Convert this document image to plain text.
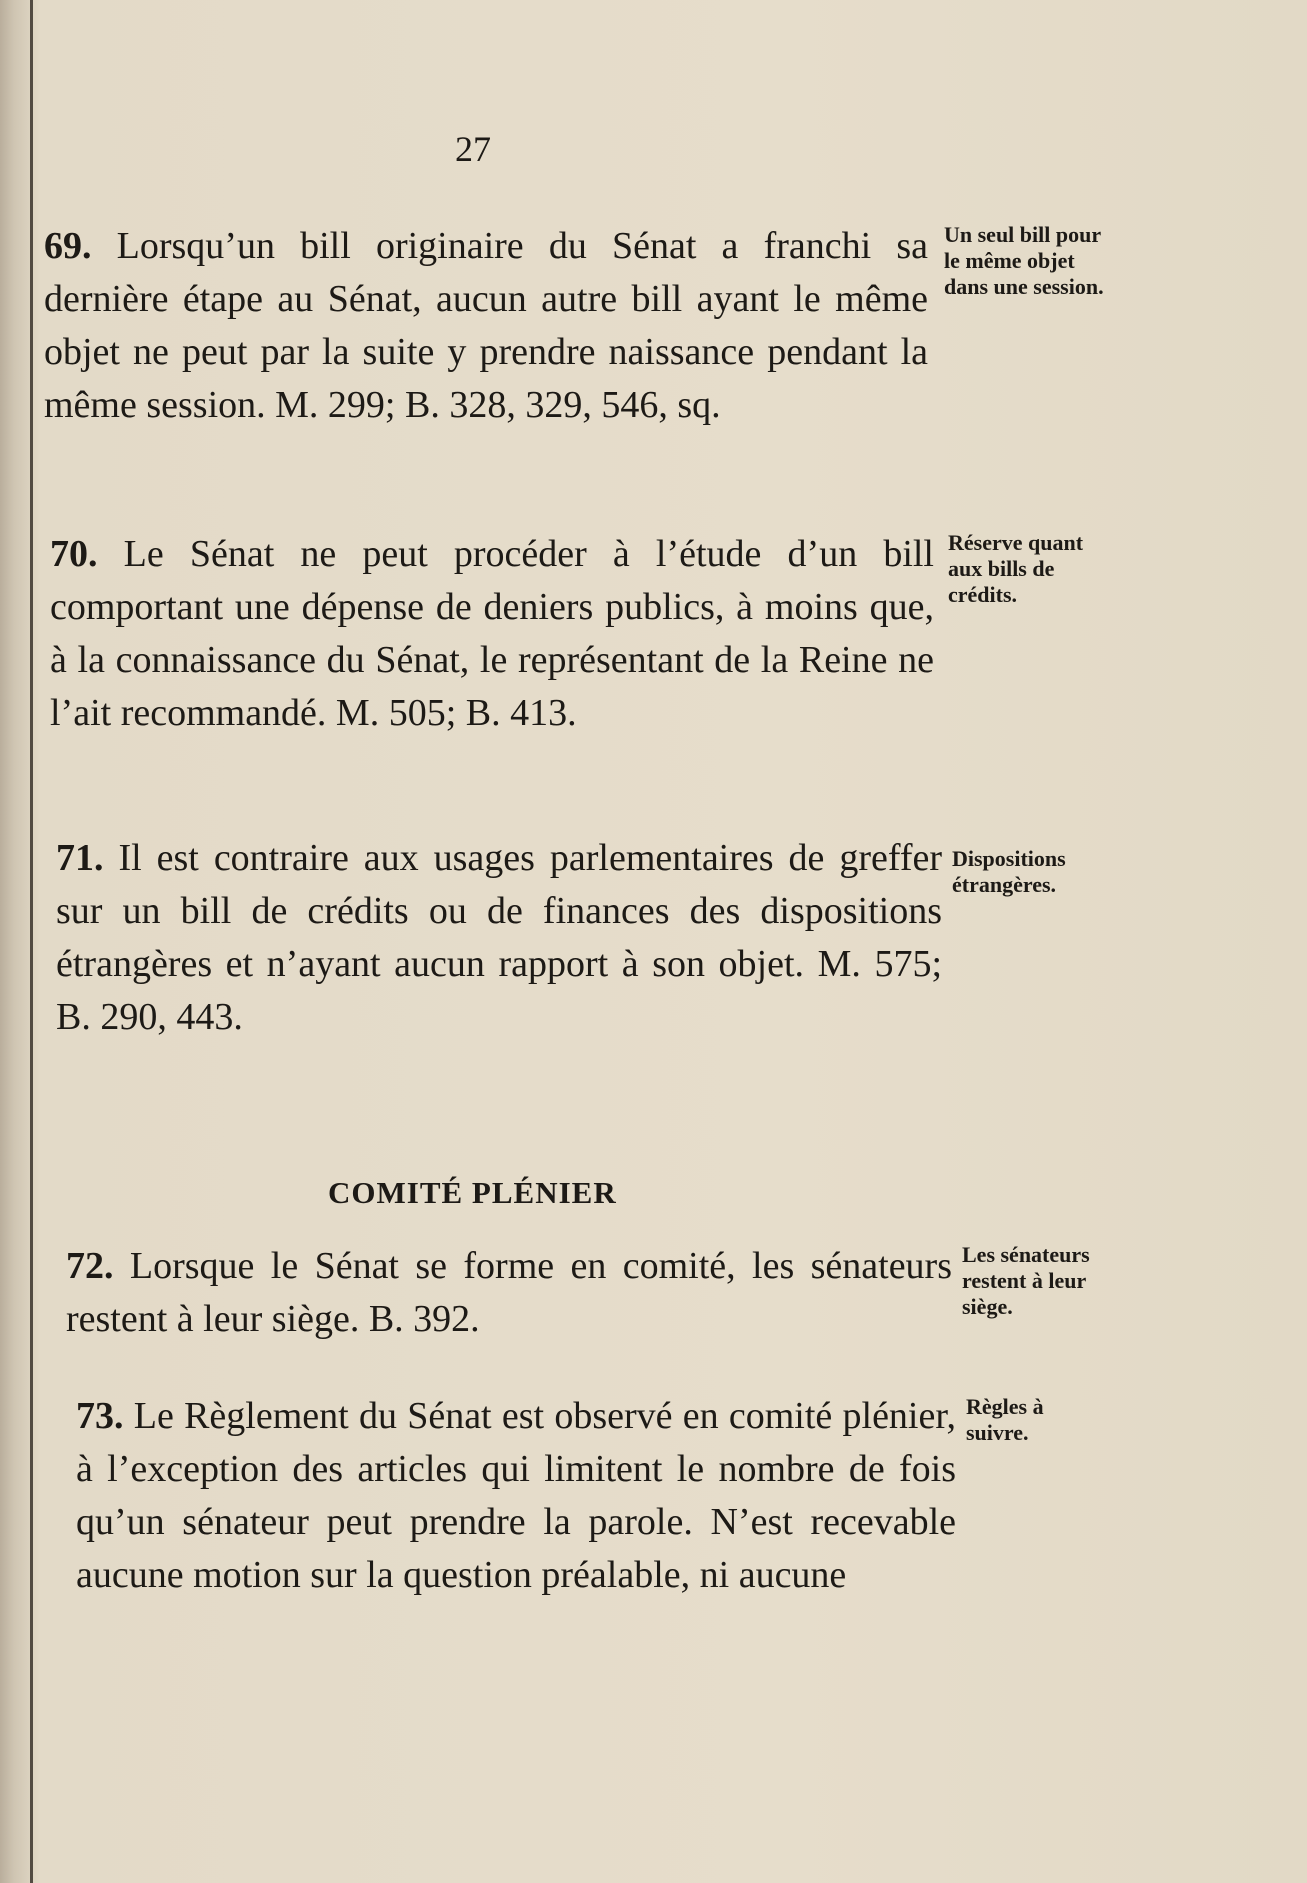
27
69. Lorsqu’un bill originaire du Sénat a franchi sa dernière étape au Sénat, aucun autre bill ayant le même objet ne peut par la suite y prendre naissance pendant la même session. M. 299; B. 328, 329, 546, sq.
Un seul bill pour le même objet dans une session.
70. Le Sénat ne peut procéder à l’étude d’un bill comportant une dépense de deniers publics, à moins que, à la connaissance du Sénat, le représentant de la Reine ne l’ait recommandé. M. 505; B. 413.
Réserve quant aux bills de crédits.
71. Il est contraire aux usages parlementaires de greffer sur un bill de crédits ou de finances des dispositions étrangères et n’ayant aucun rapport à son objet. M. 575; B. 290, 443.
Dispositions étrangères.
COMITÉ PLÉNIER
72. Lorsque le Sénat se forme en comité, les sénateurs restent à leur siège. B. 392.
Les sénateurs restent à leur siège.
73. Le Règlement du Sénat est observé en comité plénier, à l’exception des articles qui limitent le nombre de fois qu’un sénateur peut prendre la parole. N’est recevable aucune motion sur la question préalable, ni aucune
Règles à suivre.
